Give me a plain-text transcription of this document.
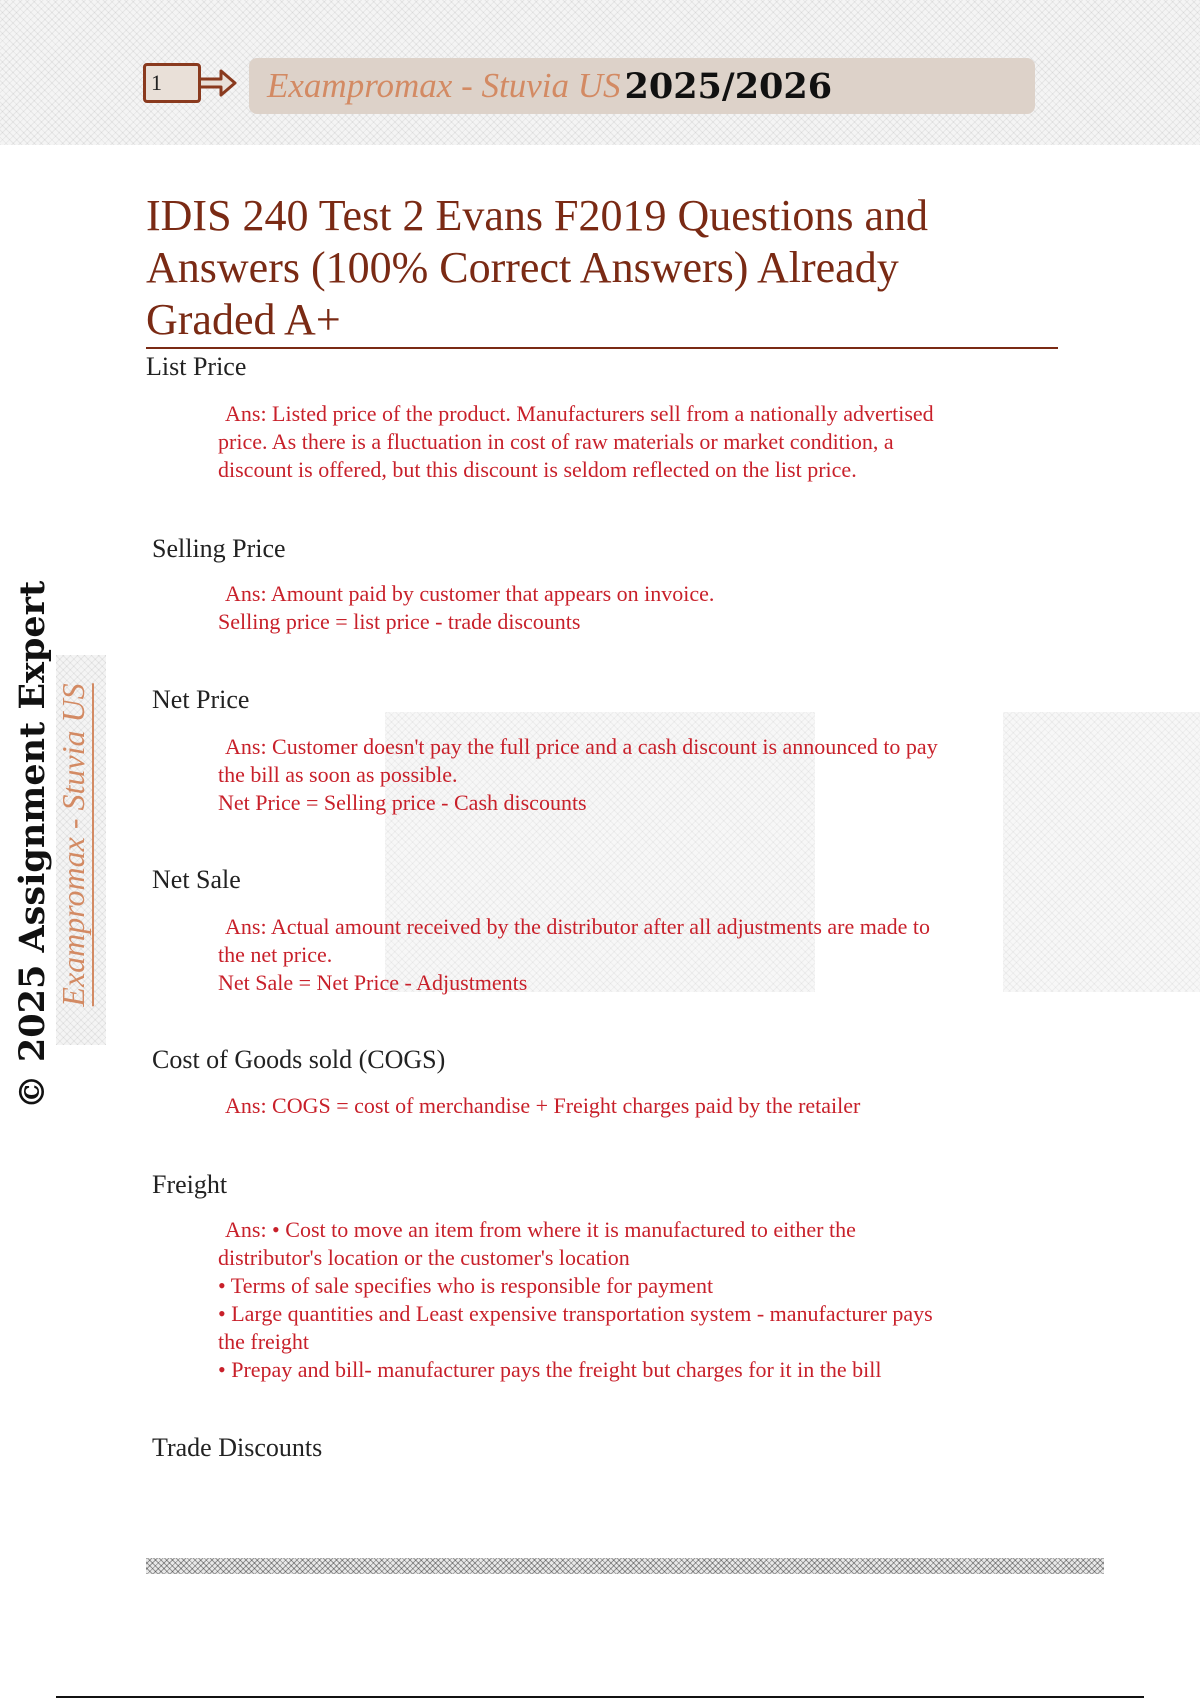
1	Exampromax - Stuvia US 2025/2026
© 2025 Assignment Expert Exampromax - Stuvia US
IDIS 240 Test 2 Evans F2019 Questions and
Answers (100% Correct Answers) Already
Graded A+

List Price

Ans: Listed price of the product. Manufacturers sell from a nationally advertised
price. As there is a fluctuation in cost of raw materials or market condition, a
discount is offered, but this discount is seldom reflected on the list price.

Selling Price

Ans: Amount paid by customer that appears on invoice.
Selling price = list price - trade discounts

Net Price

Ans: Customer doesn't pay the full price and a cash discount is announced to pay
the bill as soon as possible.
Net Price = Selling price - Cash discounts

Net Sale

Ans: Actual amount received by the distributor after all adjustments are made to
the net price.
Net Sale = Net Price - Adjustments

Cost of Goods sold (COGS)

Ans: COGS = cost of merchandise + Freight charges paid by the retailer

Freight

Ans: • Cost to move an item from where it is manufactured to either the
distributor's location or the customer's location
• Terms of sale specifies who is responsible for payment
• Large quantities and Least expensive transportation system - manufacturer pays
the freight
• Prepay and bill- manufacturer pays the freight but charges for it in the bill

Trade Discounts
